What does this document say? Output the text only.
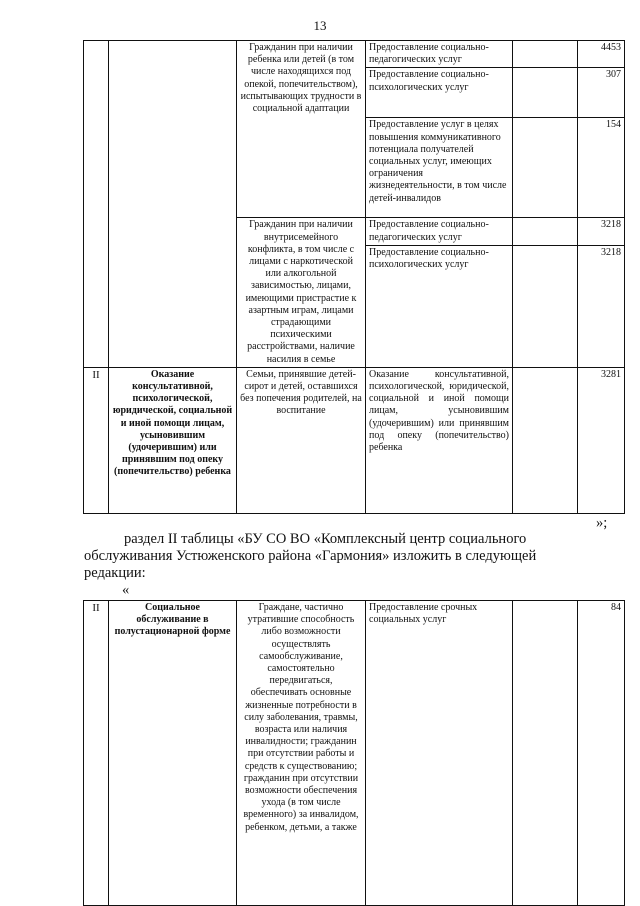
13
		Гражданин при наличии ребенка или детей (в том числе находящихся под опекой, попечительством), испытывающих трудности в социальной адаптации	Предоставление социально-педагогических услуг		4453
			Предоставление социально-психологических услуг		307
			Предоставление услуг в целях повышения коммуникативного потенциала получателей социальных услуг, имеющих ограничения жизнедеятельности, в том числе детей-инвалидов		154
		Гражданин при наличии внутрисемейного конфликта, в том числе с лицами с наркотической или алкогольной зависимостью, лицами, имеющими пристрастие к азартным играм, лицами страдающими психическими расстройствами, наличие насилия в семье	Предоставление социально-педагогических услуг		3218
			Предоставление социально-психологических услуг		3218
II	Оказание консультативной, психологической, юридической, социальной и иной помощи лицам, усыновившим (удочерившим) или принявшим под опеку (попечительство) ребенка	Семьи, принявшие детей-сирот и детей, оставшихся без попечения родителей, на воспитание	Оказание консультативной, психологической, юридической, социальной и иной помощи лицам, усыновившим (удочерившим) или принявшим под опеку (попечительство) ребенка		3281
»;
раздел II таблицы «БУ СО ВО «Комплексный центр социального
обслуживания Устюженского района «Гармония» изложить в следующей
редакции:
«
II	Социальное обслуживание в полустационарной форме	Граждане, частично утратившие способность либо возможности осуществлять самообслуживание, самостоятельно передвигаться, обеспечивать основные жизненные потребности в силу заболевания, травмы, возраста или наличия инвалидности; гражданин при отсутствии работы и средств к существованию; гражданин при отсутствии возможности обеспечения ухода (в том числе временного) за инвалидом, ребенком, детьми, а также	Предоставление срочных социальных услуг		84
